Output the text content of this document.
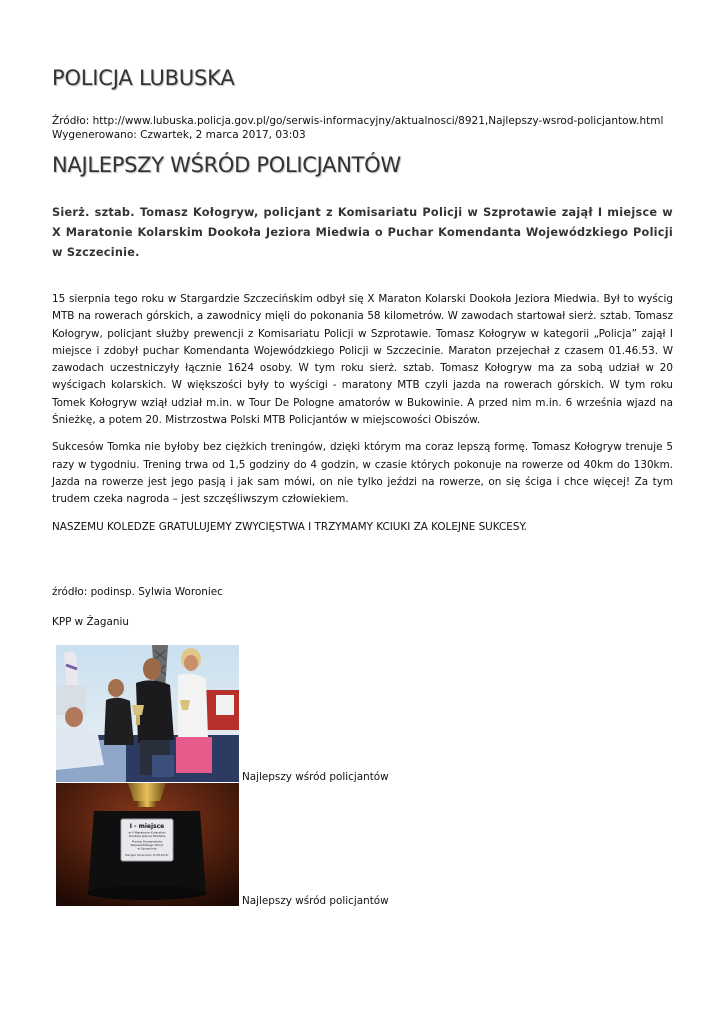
POLICJA LUBUSKA
Źródło: http://www.lubuska.policja.gov.pl/go/serwis-informacyjny/aktualnosci/8921,Najlepszy-wsrod-policjantow.html
Wygenerowano: Czwartek, 2 marca 2017, 03:03
NAJLEPSZY WŚRÓD POLICJANTÓW

Sierż. sztab. Tomasz Kołogryw, policjant z Komisariatu Policji w Szprotawie zajął I miejsce w X Maratonie Kolarskim Dookoła Jeziora Miedwia o Puchar Komendanta Wojewódzkiego Policji w Szczecinie.

15 sierpnia tego roku w Stargardzie Szczecińskim odbył się X Maraton Kolarski Dookoła Jeziora Miedwia. Był to wyścig MTB na rowerach górskich, a zawodnicy mięli do pokonania 58 kilometrów. W zawodach startował sierż. sztab. Tomasz Kołogryw, policjant służby prewencji z Komisariatu Policji w Szprotawie. Tomasz Kołogryw w kategorii „Policja” zajął I miejsce i zdobył puchar Komendanta Wojewódzkiego Policji w Szczecinie. Maraton przejechał z czasem 01.46.53. W zawodach uczestniczyły łącznie 1624 osoby. W tym roku sierż. sztab. Tomasz Kołogryw ma za sobą udział w 20 wyścigach kolarskich. W większości były to wyścigi - maratony MTB czyli jazda na rowerach górskich. W tym roku Tomek Kołogryw wziął udział m.in. w Tour De Pologne amatorów w Bukowinie. A przed nim m.in. 6 września wjazd na Śnieżkę, a potem 20. Mistrzostwa Polski MTB Policjantów w miejscowości Obiszów.

Sukcesów Tomka nie byłoby bez ciężkich treningów, dzięki którym ma coraz lepszą formę. Tomasz Kołogryw trenuje 5 razy w tygodniu. Trening trwa od 1,5 godziny do 4 godzin, w czasie których pokonuje na rowerze od 40km do 130km. Jazda na rowerze jest jego pasją i jak sam mówi, on nie tylko jeździ na rowerze, on się ściga i chce więcej! Za tym trudem czeka nagroda – jest szczęśliwszym człowiekiem.

NASZEMU KOLEDZE GRATULUJEMY ZWYCIĘSTWA I TRZYMAMY KCIUKI ZA KOLEJNE SUKCESY.

źródło: podinsp. Sylwia Woroniec
KPP w Żaganiu
Najlepszy wśród policjantów
I - miejsce
w X Maratonie Kolarskim
Dookoła Jeziora Miedwia
Puchar Komendanta
Wojewódzkiego Policji
w Szczecinie
Stargard Szczeciński 15.08.2015r.
Najlepszy wśród policjantów
